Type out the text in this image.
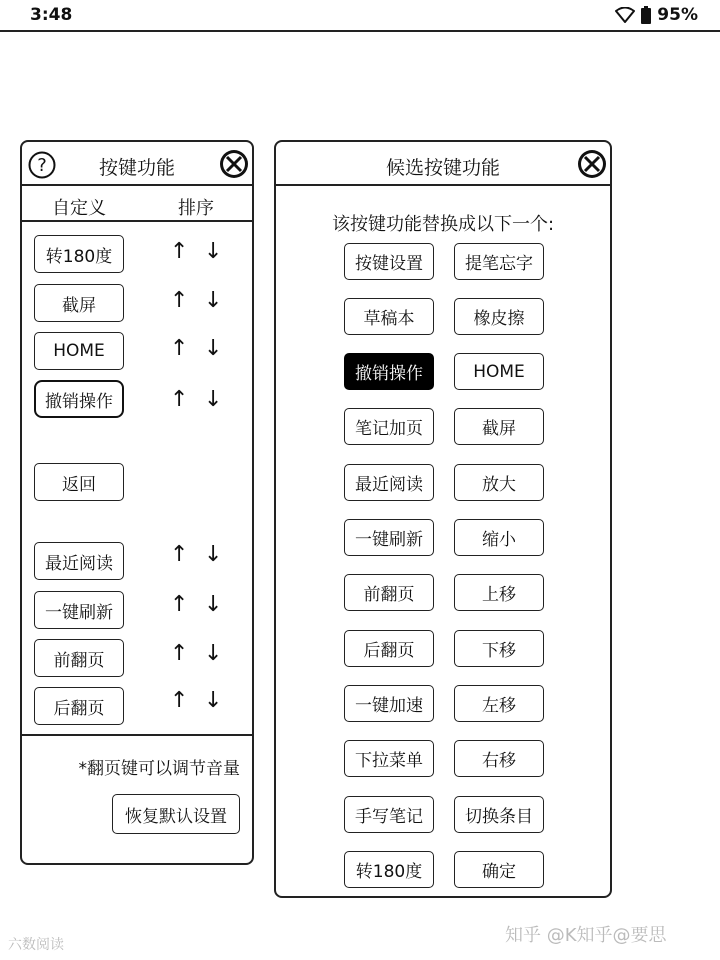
3:48	95%
?	按键功能
自定义	排序
转180度	↑ ↓
截屏	↑ ↓
HOME	↑ ↓
撤销操作	↑ ↓
返回
最近阅读	↑ ↓
一键刷新	↑ ↓
前翻页	↑ ↓
后翻页	↑ ↓
*翻页键可以调节音量
恢复默认设置
候选按键功能
该按键功能替换成以下一个:
按键设置	提笔忘字
草稿本	橡皮擦
撤销操作	HOME
笔记加页	截屏
最近阅读	放大
一键刷新	缩小
前翻页	上移
后翻页	下移
一键加速	左移
下拉菜单	右移
手写笔记	切换条目
转180度	确定
六数阅读	知乎 @K知乎@要思
